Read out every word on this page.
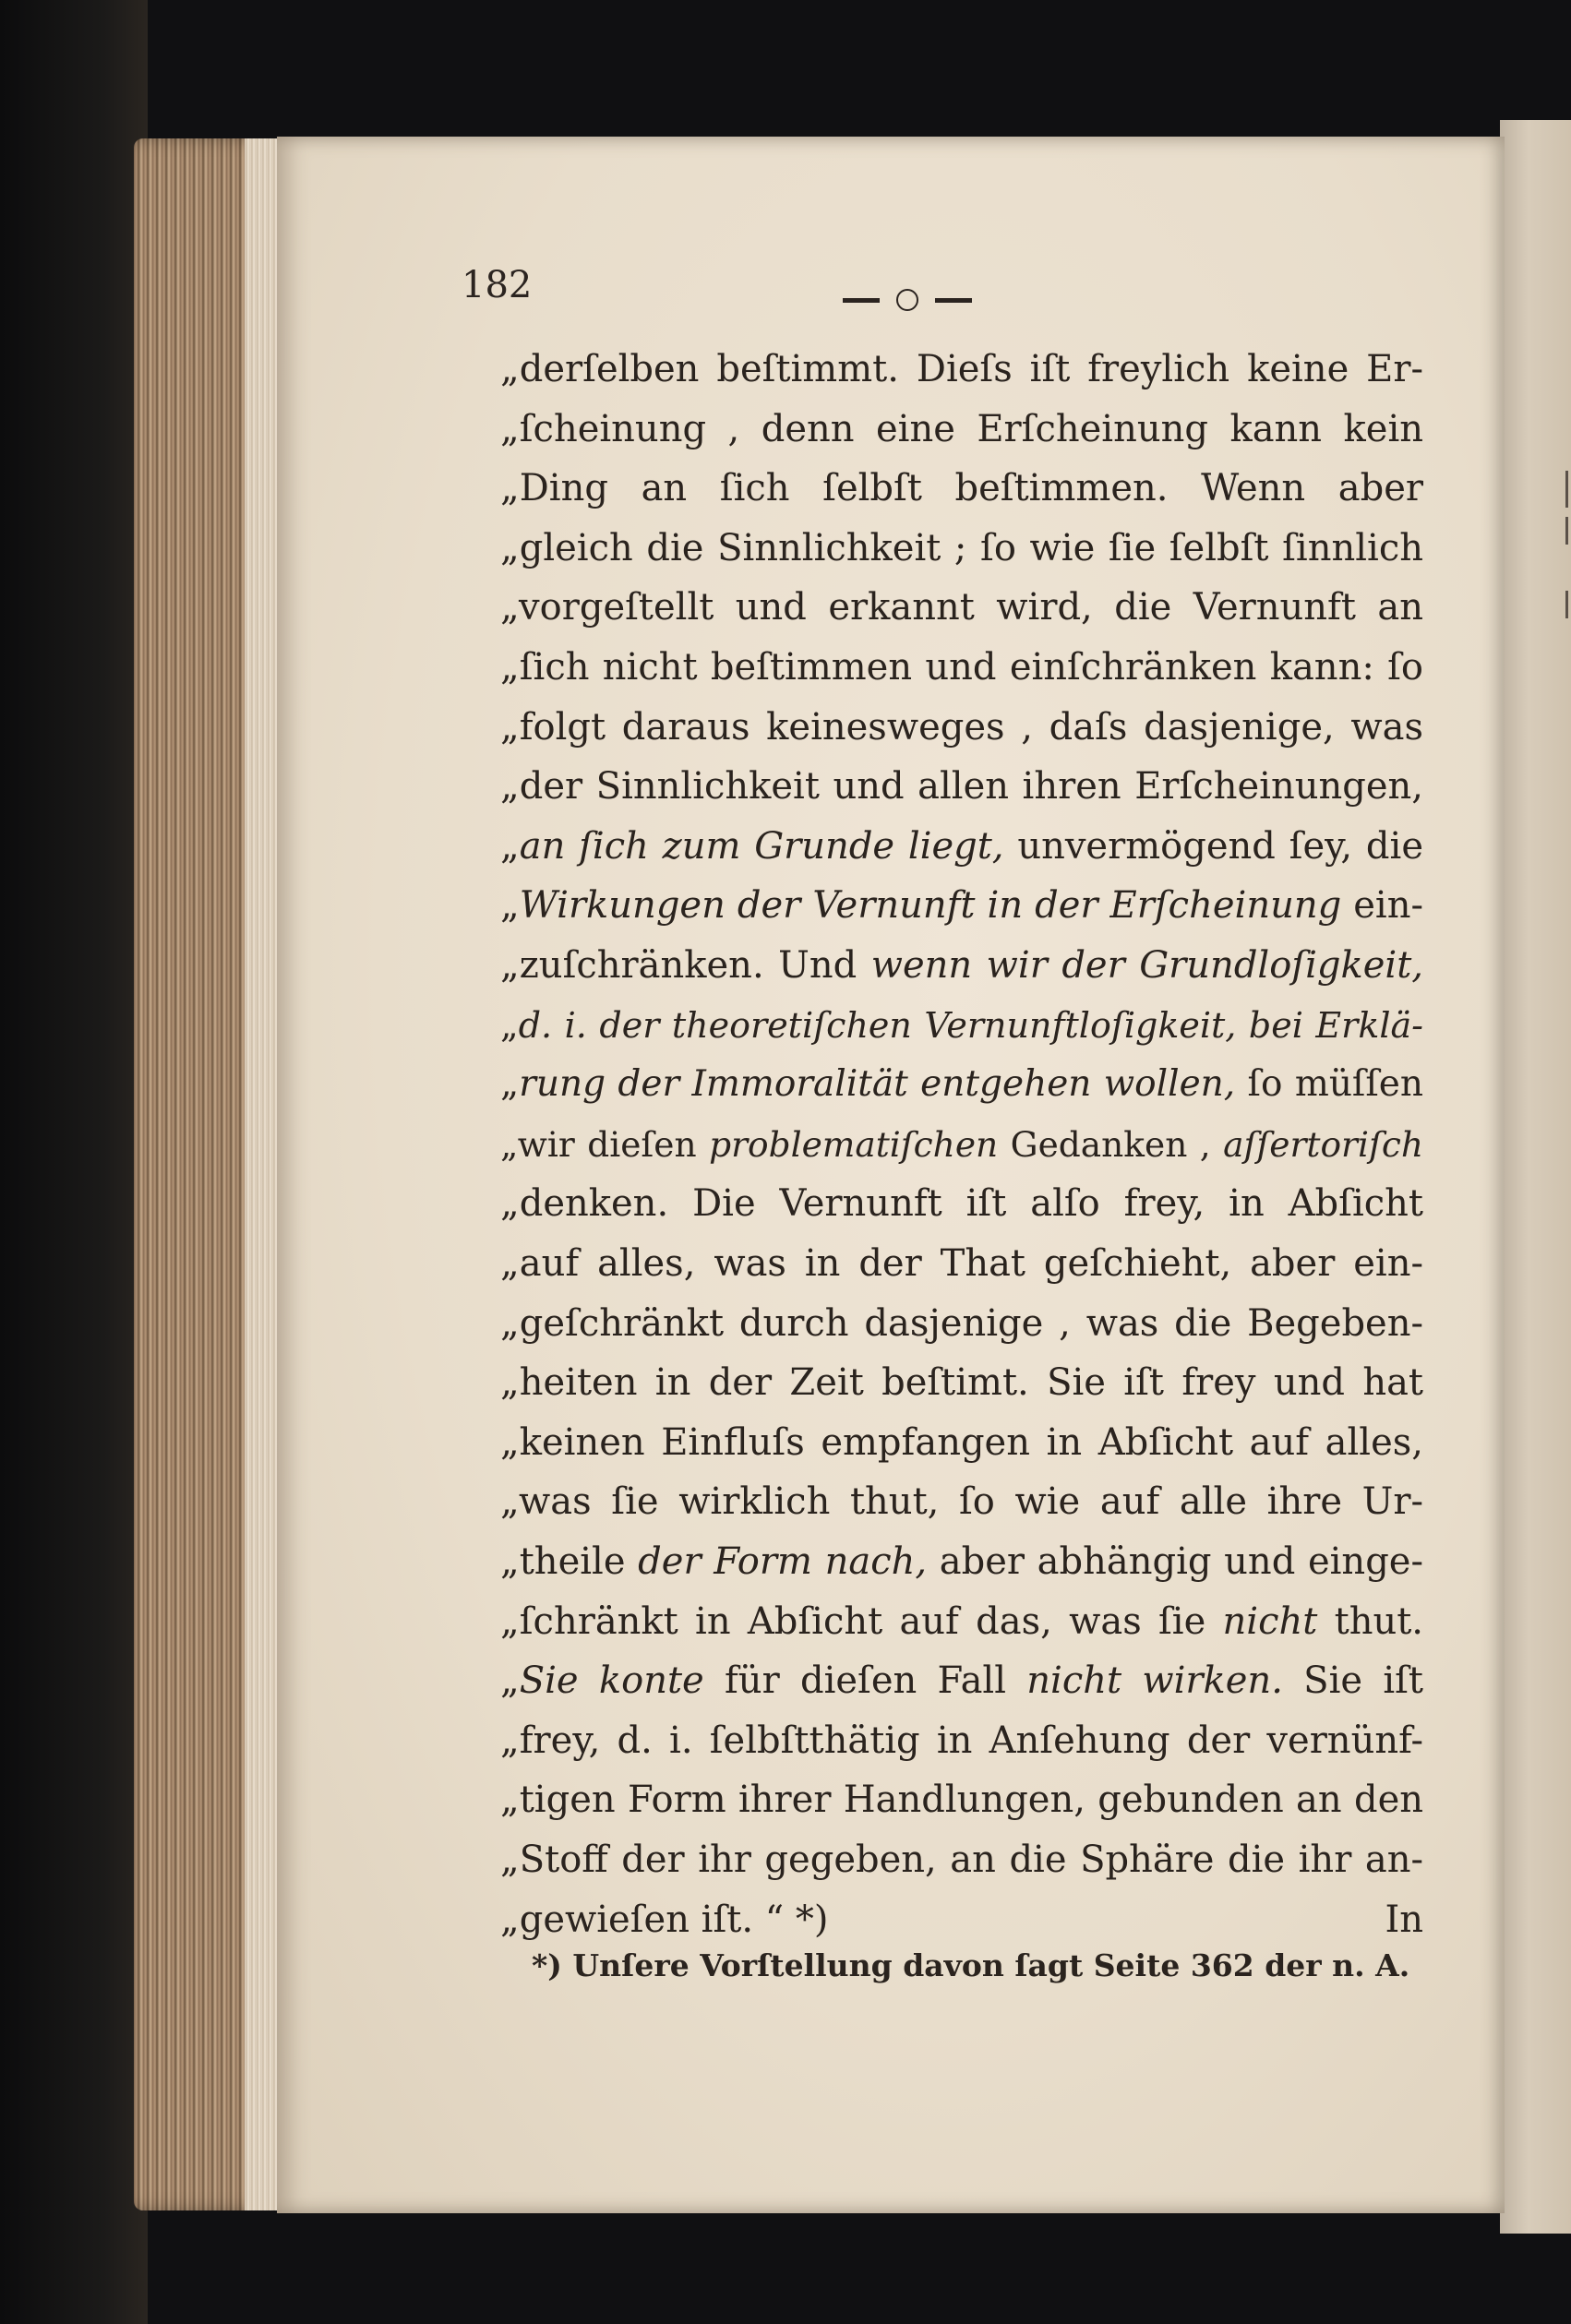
182
„derſelben beſtimmt. Dieſs iſt freylich keine Er-
„ſcheinung , denn eine Erſcheinung kann kein
„Ding an ſich ſelbſt beſtimmen. Wenn aber
„gleich die Sinnlichkeit ; ſo wie ſie ſelbſt ſinnlich
„vorgeſtellt und erkannt wird, die Vernunft an
„ſich nicht beſtimmen und einſchränken kann: ſo
„folgt daraus keinesweges , daſs dasjenige, was
„der Sinnlichkeit und allen ihren Erſcheinungen,
„an ſich zum Grunde liegt, unvermögend ſey, die
„Wirkungen der Vernunft in der Erſcheinung ein-
„zuſchränken. Und wenn wir der Grundloſigkeit,
„d. i. der theoretiſchen Vernunftloſigkeit, bei Erklä-
„rung der Immoralität entgehen wollen, ſo müſſen
„wir dieſen problematiſchen Gedanken , aſſertoriſch
„denken. Die Vernunft iſt alſo frey, in Abſicht
„auf alles, was in der That geſchieht, aber ein-
„geſchränkt durch dasjenige , was die Begeben-
„heiten in der Zeit beſtimt. Sie iſt frey und hat
„keinen Einfluſs empfangen in Abſicht auf alles,
„was ſie wirklich thut, ſo wie auf alle ihre Ur-
„theile der Form nach, aber abhängig und einge-
„ſchränkt in Abſicht auf das, was ſie nicht thut.
„Sie konte für dieſen Fall nicht wirken. Sie iſt
„frey, d. i. ſelbſtthätig in Anſehung der vernünf-
„tigen Form ihrer Handlungen, gebunden an den
„Stoff der ihr gegeben, an die Sphäre die ihr an-
„gewieſen iſt. “ *)	In
*) Unſere Vorſtellung davon ſagt Seite 362 der n. A.
